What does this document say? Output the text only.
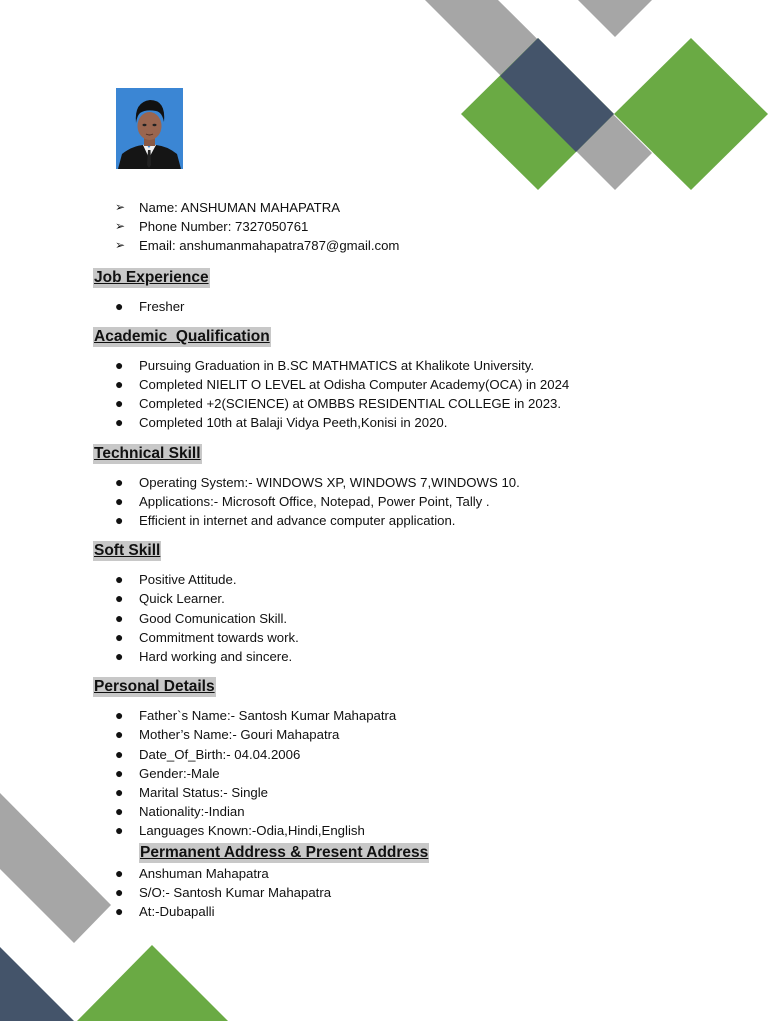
➢ Name: ANSHUMAN MAHAPATRA
➢ Phone Number: 7327050761
➢ Email: anshumanmahapatra787@gmail.com
Job Experience
● Fresher
Academic  Qualification
● Pursuing Graduation in B.SC MATHMATICS at Khalikote University.
● Completed NIELIT O LEVEL at Odisha Computer Academy(OCA) in 2024
● Completed +2(SCIENCE) at OMBBS RESIDENTIAL COLLEGE in 2023.
● Completed 10th at Balaji Vidya Peeth,Konisi in 2020.
Technical Skill
● Operating System:- WINDOWS XP, WINDOWS 7,WINDOWS 10.
● Applications:- Microsoft Office, Notepad, Power Point, Tally .
● Efficient in internet and advance computer application.
Soft Skill
● Positive Attitude.
● Quick Learner.
● Good Comunication Skill.
● Commitment towards work.
● Hard working and sincere.
Personal Details
● Father`s Name:- Santosh Kumar Mahapatra
● Mother’s Name:- Gouri Mahapatra
● Date_Of_Birth:- 04.04.2006
● Gender:-Male
● Marital Status:- Single
● Nationality:-Indian
● Languages Known:-Odia,Hindi,English
Permanent Address & Present Address
● Anshuman Mahapatra
● S/O:- Santosh Kumar Mahapatra
● At:-Dubapalli
